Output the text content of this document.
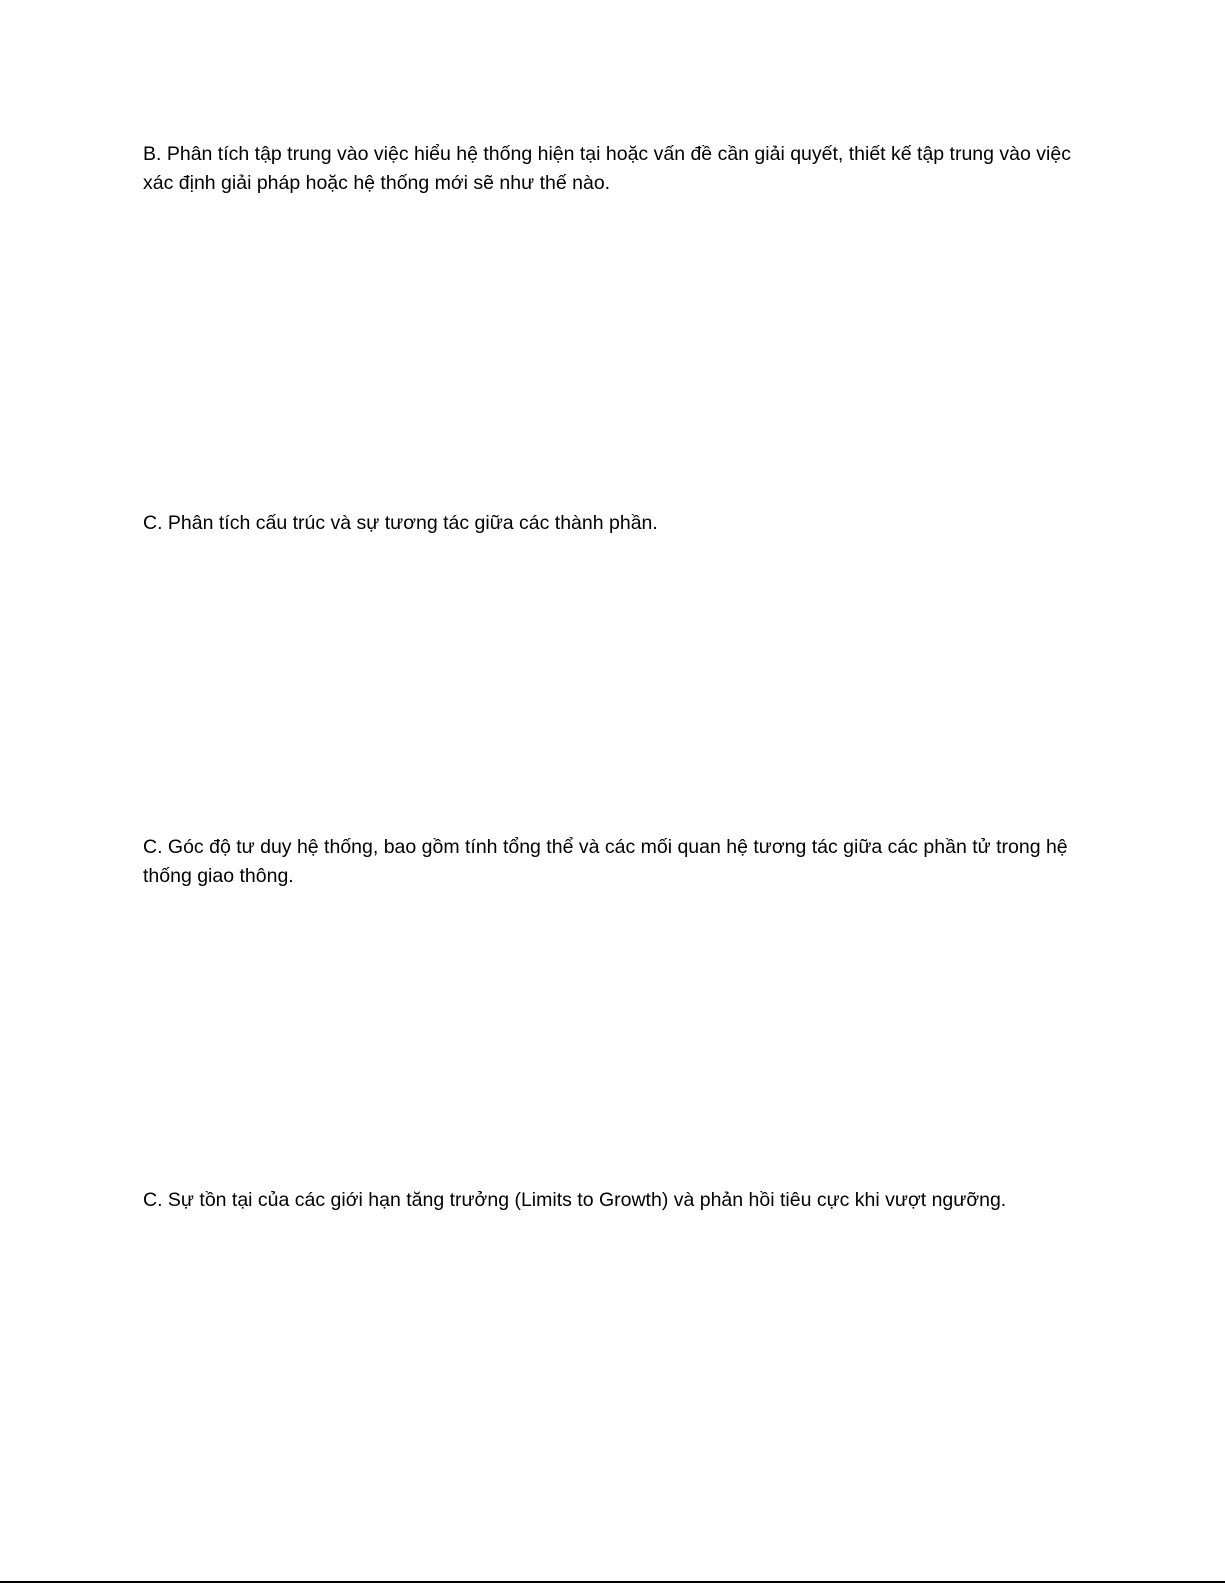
B. Phân tích tập trung vào việc hiểu hệ thống hiện tại hoặc vấn đề cần giải quyết, thiết kế tập trung vào việc xác định giải pháp hoặc hệ thống mới sẽ như thế nào.

C. Phân tích cấu trúc và sự tương tác giữa các thành phần.

C. Góc độ tư duy hệ thống, bao gồm tính tổng thể và các mối quan hệ tương tác giữa các phần tử trong hệ thống giao thông.

C. Sự tồn tại của các giới hạn tăng trưởng (Limits to Growth) và phản hồi tiêu cực khi vượt ngưỡng.
